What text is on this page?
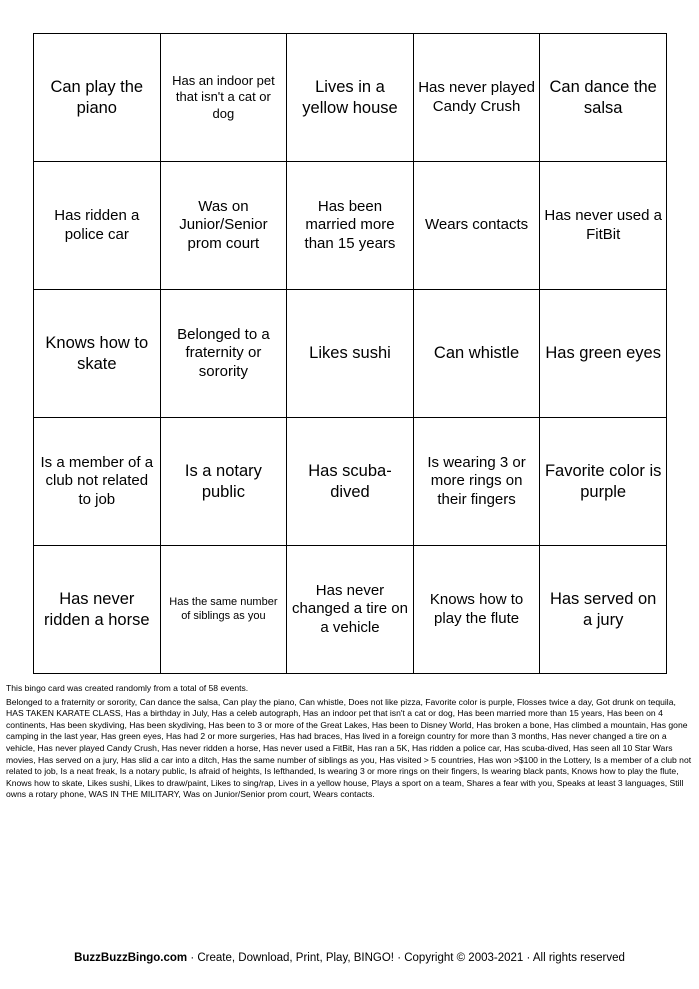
Can play the piano	Has an indoor pet that isn't a cat or dog	Lives in a yellow house	Has never played Candy Crush	Can dance the salsa
Has ridden a police car	Was on Junior/Senior prom court	Has been married more than 15 years	Wears contacts	Has never used a FitBit
Knows how to skate	Belonged to a fraternity or sorority	Likes sushi	Can whistle	Has green eyes
Is a member of a club not related to job	Is a notary public	Has scuba-dived	Is wearing 3 or more rings on their fingers	Favorite color is purple
Has never ridden a horse	Has the same number of siblings as you	Has never changed a tire on a vehicle	Knows how to play the flute	Has served on a jury
This bingo card was created randomly from a total of 58 events.
Belonged to a fraternity or sorority, Can dance the salsa, Can play the piano, Can whistle, Does not like pizza, Favorite color is purple, Flosses twice a day, Got drunk on tequila, HAS TAKEN KARATE CLASS, Has a birthday in July, Has a celeb autograph, Has an indoor pet that isn't a cat or dog, Has been married more than 15 years, Has been on 4 continents, Has been skydiving, Has been skydiving, Has been to 3 or more of the Great Lakes, Has been to Disney World, Has broken a bone, Has climbed a mountain, Has gone camping in the last year, Has green eyes, Has had 2 or more surgeries, Has had braces, Has lived in a foreign country for more than 3 months, Has never changed a tire on a vehicle, Has never played Candy Crush, Has never ridden a horse, Has never used a FitBit, Has ran a 5K, Has ridden a police car, Has scuba-dived, Has seen all 10 Star Wars movies, Has served on a jury, Has slid a car into a ditch, Has the same number of siblings as you, Has visited > 5 countries, Has won >$100 in the Lottery, Is a member of a club not related to job, Is a neat freak, Is a notary public, Is afraid of heights, Is lefthanded, Is wearing 3 or more rings on their fingers, Is wearing black pants, Knows how to play the flute, Knows how to skate, Likes sushi, Likes to draw/paint, Likes to sing/rap, Lives in a yellow house, Plays a sport on a team, Shares a fear with you, Speaks at least 3 languages, Still owns a rotary phone, WAS IN THE MILITARY, Was on Junior/Senior prom court, Wears contacts.
BuzzBuzzBingo.com · Create, Download, Print, Play, BINGO! · Copyright © 2003-2021 · All rights reserved
